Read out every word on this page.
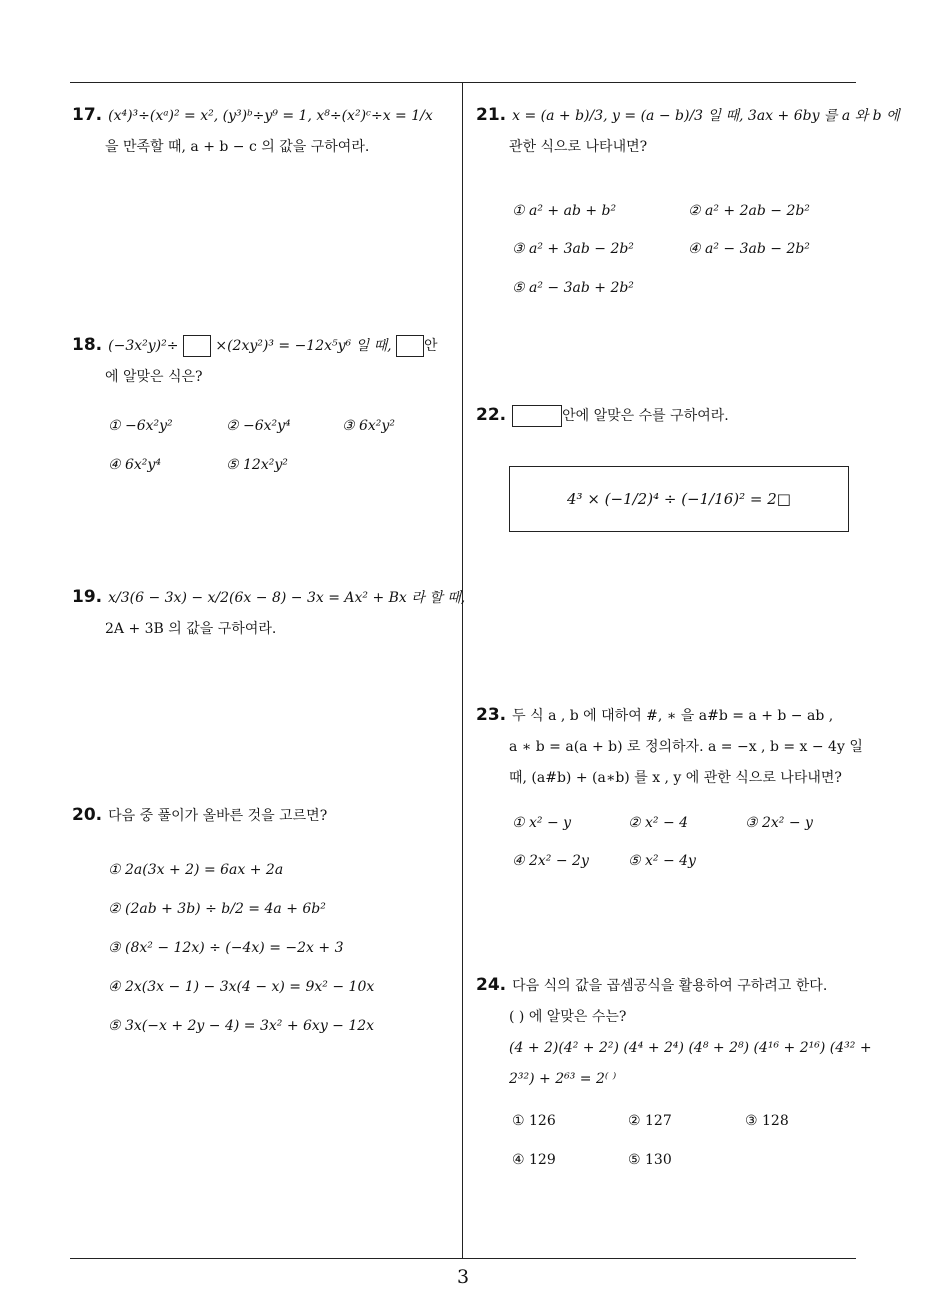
17. (x⁴)³÷(xᵃ)² = x², (y³)ᵇ÷y⁹ = 1, x⁸÷(x²)ᶜ÷x = 1/x
을 만족할 때, a + b − c 의 값을 구하여라.
18. (−3x²y)²÷	×(2xy²)³ = −12x⁵y⁶ 일 때, 안
에 알맞은 식은?
① −6x²y²	② −6x²y⁴	③ 6x²y²
④ 6x²y⁴	⑤ 12x²y²
19. x/3(6 − 3x) − x/2(6x − 8) − 3x = Ax² + Bx 라 할 때,
2A + 3B 의 값을 구하여라.
20. 다음 중 풀이가 올바른 것을 고르면?
① 2a(3x + 2) = 6ax + 2a
② (2ab + 3b) ÷ b/2 = 4a + 6b²
③ (8x² − 12x) ÷ (−4x) = −2x + 3
④ 2x(3x − 1) − 3x(4 − x) = 9x² − 10x
⑤ 3x(−x + 2y − 4) = 3x² + 6xy − 12x
21. x = (a + b)/3, y = (a − b)/3 일 때, 3ax + 6by 를 a 와 b 에
관한 식으로 나타내면?
① a² + ab + b²	② a² + 2ab − 2b²
③ a² + 3ab − 2b²	④ a² − 3ab − 2b²
⑤ a² − 3ab + 2b²
22.	안에 알맞은 수를 구하여라.
4³ × (−1/2)⁴ ÷ (−1/16)² = 2□
23. 두 식 a , b 에 대하여 #, ∗ 을 a#b = a + b − ab ,
a ∗ b = a(a + b) 로 정의하자. a = −x , b = x − 4y 일
때, (a#b) + (a∗b) 를 x , y 에 관한 식으로 나타내면?
① x² − y	② x² − 4	③ 2x² − y
④ 2x² − 2y	⑤ x² − 4y
24. 다음 식의 값을 곱셈공식을 활용하여 구하려고 한다.
( ) 에 알맞은 수는?
(4 + 2)(4² + 2²) (4⁴ + 2⁴) (4⁸ + 2⁸) (4¹⁶ + 2¹⁶) (4³² +
2³²) + 2⁶³ = 2⁽ ⁾
① 126	② 127	③ 128
④ 129	⑤ 130
3
